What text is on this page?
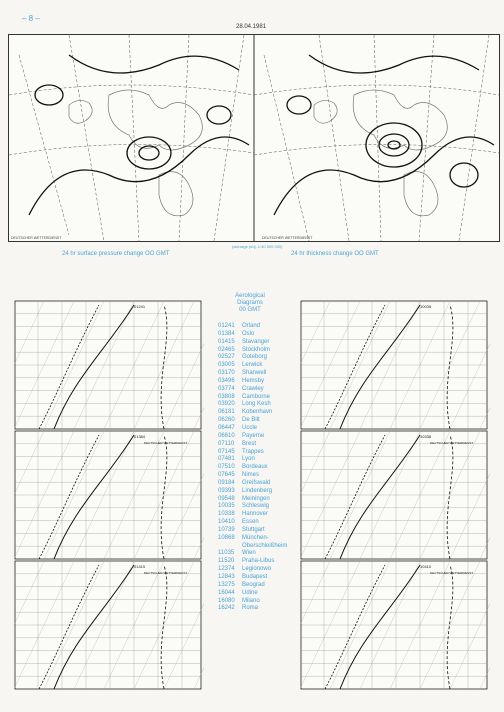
– 8 –
28.04.1981
DEUTSCHER WETTERDIENST	DEUTSCHER WETTERDIENST
(average proj. 1:40 000 000)
24 hr surface pressure change OO GMT	24 hr thickness change OO GMT
Aerological
Diagrams
00 GMT
01241 Orland
01384 Oslo
01415 Stavanger
02465 Stockholm
02527 Goteborg
03005 Lerwick
03170 Shanwell
03496 Hemsby
03774 Crawley
03808 Camborne
03920 Long Kesh
06181 Kobenhavn
06260 De Bilt
06447 Uccle
06610 Payerne
07110 Brest
07145 Trappes
07481 Lyon
07510 Bordeaux
07645 Nimes
09184 Greifswald
09393 Lindenberg
09548 Meiningen
10035 Schleswig
10338 Hannover
10410 Essen
10739 Stuttgart
10868 München-
Oberschleißheim
11035 Wien
11520 Praha-Libus
12374 Legionowo
12843 Budapest
13275 Beograd
16044 Udine
16080 Milano
16242 Roma
01241
01384
DEUTSCHER WETTERDIENST
01415
DEUTSCHER WETTERDIENST
10035
10338
DEUTSCHER WETTERDIENST
10410
DEUTSCHER WETTERDIENST
